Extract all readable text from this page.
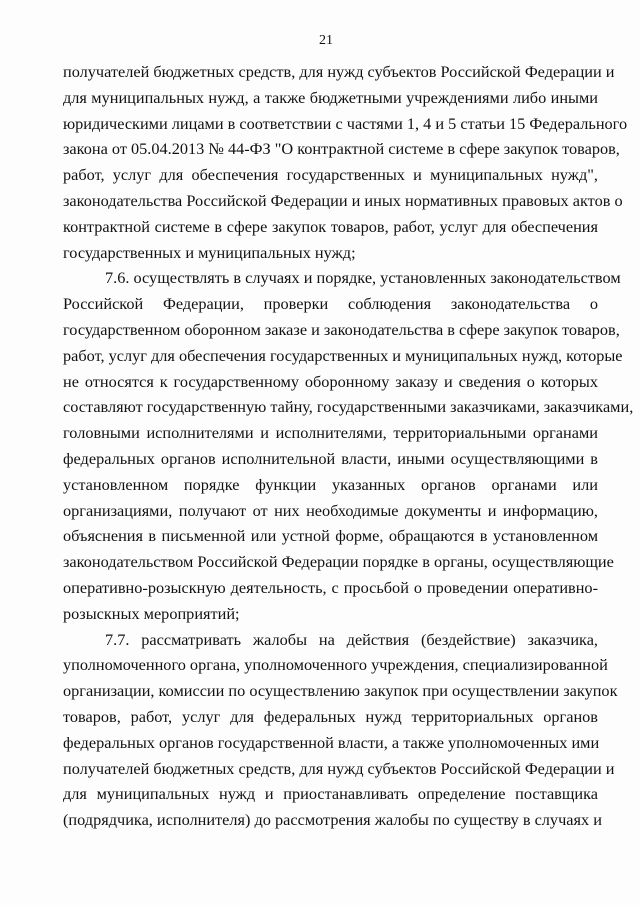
21
получателей бюджетных средств, для нужд субъектов Российской Федерации и
для муниципальных нужд, а также бюджетными учреждениями либо иными
юридическими лицами в соответствии с частями 1, 4 и 5 статьи 15 Федерального
закона от 05.04.2013 № 44-ФЗ "О контрактной системе в сфере закупок товаров,
работ, услуг для обеспечения государственных и муниципальных нужд",
законодательства Российской Федерации и иных нормативных правовых актов о
контрактной системе в сфере закупок товаров, работ, услуг для обеспечения
государственных и муниципальных нужд;
7.6. осуществлять в случаях и порядке, установленных законодательством
Российской Федерации, проверки соблюдения законодательства о
государственном оборонном заказе и законодательства в сфере закупок товаров,
работ, услуг для обеспечения государственных и муниципальных нужд, которые
не относятся к государственному оборонному заказу и сведения о которых
составляют государственную тайну, государственными заказчиками, заказчиками,
головными исполнителями и исполнителями, территориальными органами
федеральных органов исполнительной власти, иными осуществляющими в
установленном порядке функции указанных органов органами или
организациями, получают от них необходимые документы и информацию,
объяснения в письменной или устной форме, обращаются в установленном
законодательством Российской Федерации порядке в органы, осуществляющие
оперативно-розыскную деятельность, с просьбой о проведении оперативно-
розыскных мероприятий;
7.7. рассматривать жалобы на действия (бездействие) заказчика,
уполномоченного органа, уполномоченного учреждения, специализированной
организации, комиссии по осуществлению закупок при осуществлении закупок
товаров, работ, услуг для федеральных нужд территориальных органов
федеральных органов государственной власти, а также уполномоченных ими
получателей бюджетных средств, для нужд субъектов Российской Федерации и
для муниципальных нужд и приостанавливать определение поставщика
(подрядчика, исполнителя) до рассмотрения жалобы по существу в случаях и
